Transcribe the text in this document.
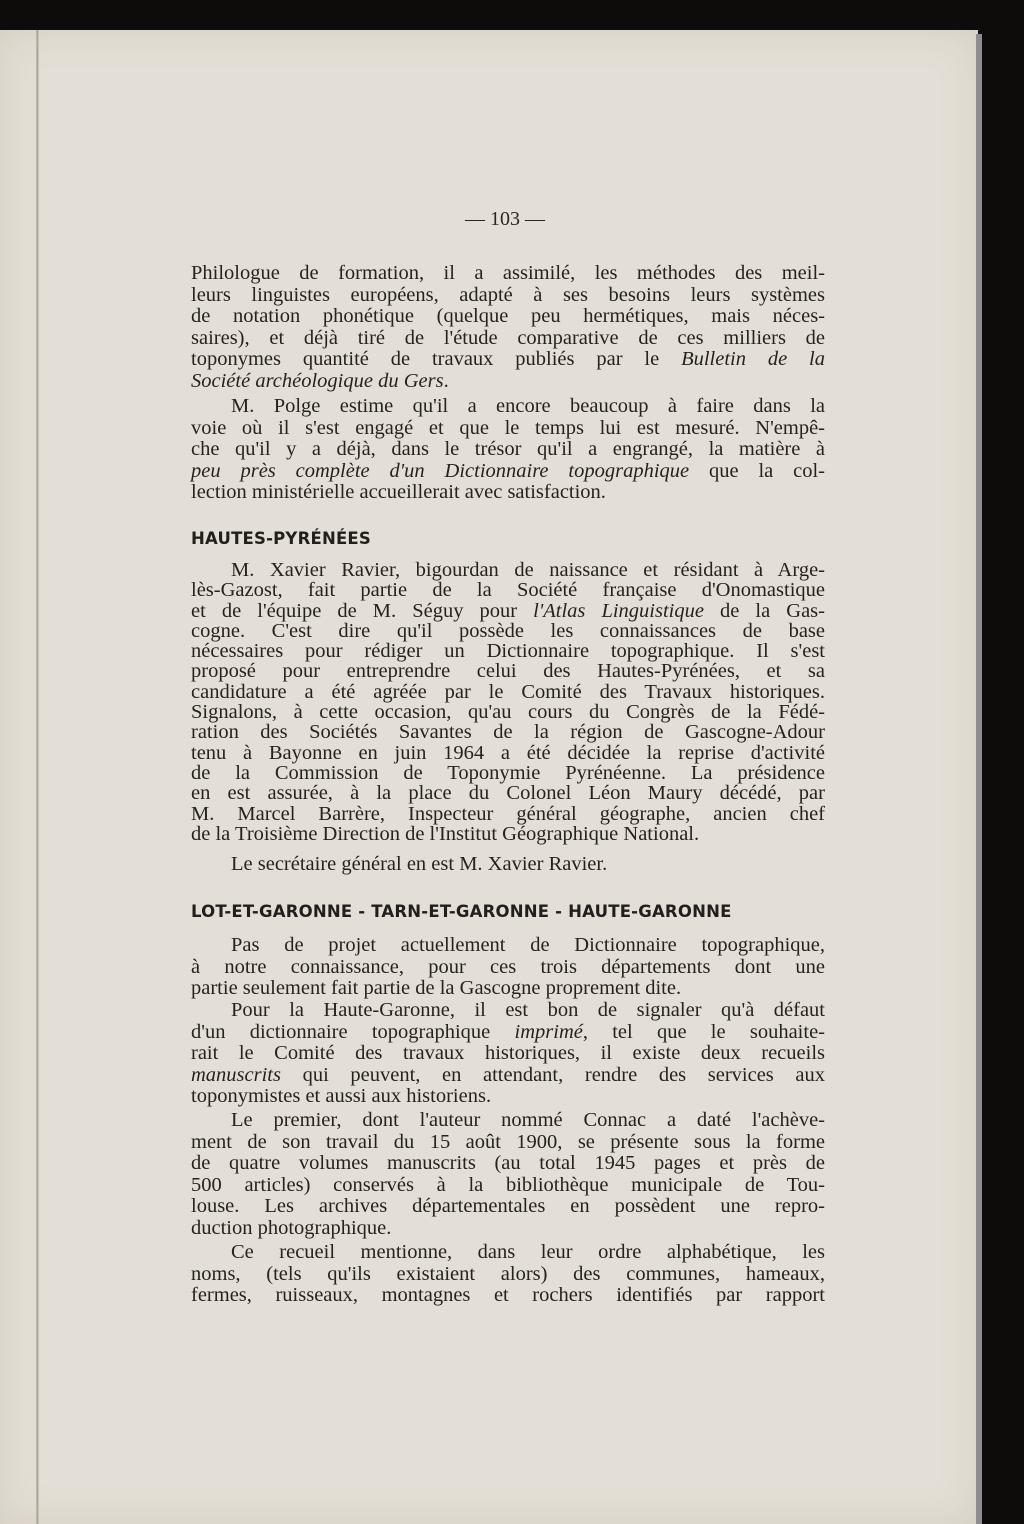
— 103 —
Philologue de formation, il a assimilé, les méthodes des meil-
leurs linguistes européens, adapté à ses besoins leurs systèmes
de notation phonétique (quelque peu hermétiques, mais néces-
saires), et déjà tiré de l'étude comparative de ces milliers de
toponymes quantité de travaux publiés par le Bulletin de la
Société archéologique du Gers.
M. Polge estime qu'il a encore beaucoup à faire dans la
voie où il s'est engagé et que le temps lui est mesuré. N'empê-
che qu'il y a déjà, dans le trésor qu'il a engrangé, la matière à
peu près complète d'un Dictionnaire topographique que la col-
lection ministérielle accueillerait avec satisfaction.
HAUTES-PYRÉNÉES
M. Xavier Ravier, bigourdan de naissance et résidant à Arge-
lès-Gazost, fait partie de la Société française d'Onomastique
et de l'équipe de M. Séguy pour l'Atlas Linguistique de la Gas-
cogne. C'est dire qu'il possède les connaissances de base
nécessaires pour rédiger un Dictionnaire topographique. Il s'est
proposé pour entreprendre celui des Hautes-Pyrénées, et sa
candidature a été agréée par le Comité des Travaux historiques.
Signalons, à cette occasion, qu'au cours du Congrès de la Fédé-
ration des Sociétés Savantes de la région de Gascogne-Adour
tenu à Bayonne en juin 1964 a été décidée la reprise d'activité
de la Commission de Toponymie Pyrénéenne. La présidence
en est assurée, à la place du Colonel Léon Maury décédé, par
M. Marcel Barrère, Inspecteur général géographe, ancien chef
de la Troisième Direction de l'Institut Géographique National.
Le secrétaire général en est M. Xavier Ravier.
LOT-ET-GARONNE - TARN-ET-GARONNE - HAUTE-GARONNE
Pas de projet actuellement de Dictionnaire topographique,
à notre connaissance, pour ces trois départements dont une
partie seulement fait partie de la Gascogne proprement dite.
Pour la Haute-Garonne, il est bon de signaler qu'à défaut
d'un dictionnaire topographique imprimé, tel que le souhaite-
rait le Comité des travaux historiques, il existe deux recueils
manuscrits qui peuvent, en attendant, rendre des services aux
toponymistes et aussi aux historiens.
Le premier, dont l'auteur nommé Connac a daté l'achève-
ment de son travail du 15 août 1900, se présente sous la forme
de quatre volumes manuscrits (au total 1945 pages et près de
500 articles) conservés à la bibliothèque municipale de Tou-
louse. Les archives départementales en possèdent une repro-
duction photographique.
Ce recueil mentionne, dans leur ordre alphabétique, les
noms, (tels qu'ils existaient alors) des communes, hameaux,
fermes, ruisseaux, montagnes et rochers identifiés par rapport
